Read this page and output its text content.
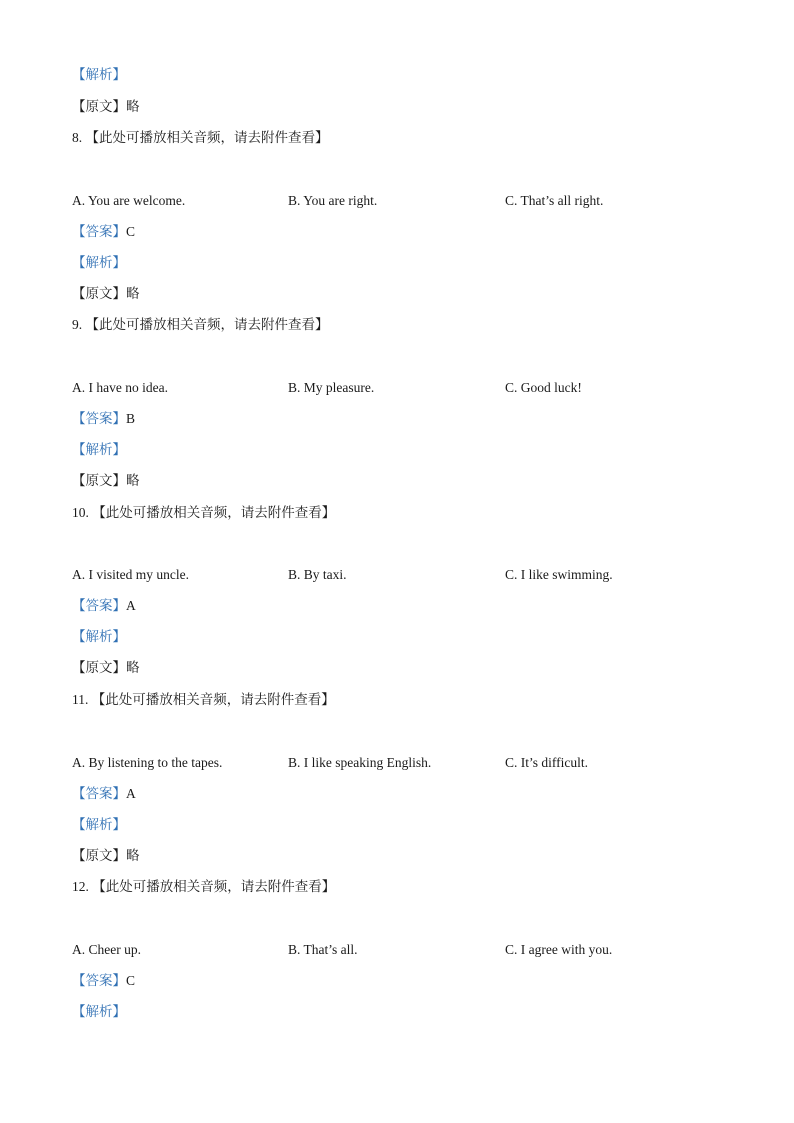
【解析】
【原文】略
8. 【此处可播放相关音频，请去附件查看】
A. You are welcome.	B. You are right.	C. That’s all right.
【答案】C
【解析】
【原文】略
9. 【此处可播放相关音频，请去附件查看】
A. I have no idea.	B. My pleasure.	C. Good luck!
【答案】B
【解析】
【原文】略
10. 【此处可播放相关音频，请去附件查看】
A. I visited my uncle.	B. By taxi.	C. I like swimming.
【答案】A
【解析】
【原文】略
11. 【此处可播放相关音频，请去附件查看】
A. By listening to the tapes.	B. I like speaking English.	C. It’s difficult.
【答案】A
【解析】
【原文】略
12. 【此处可播放相关音频，请去附件查看】
A. Cheer up.	B. That’s all.	C. I agree with you.
【答案】C
【解析】
